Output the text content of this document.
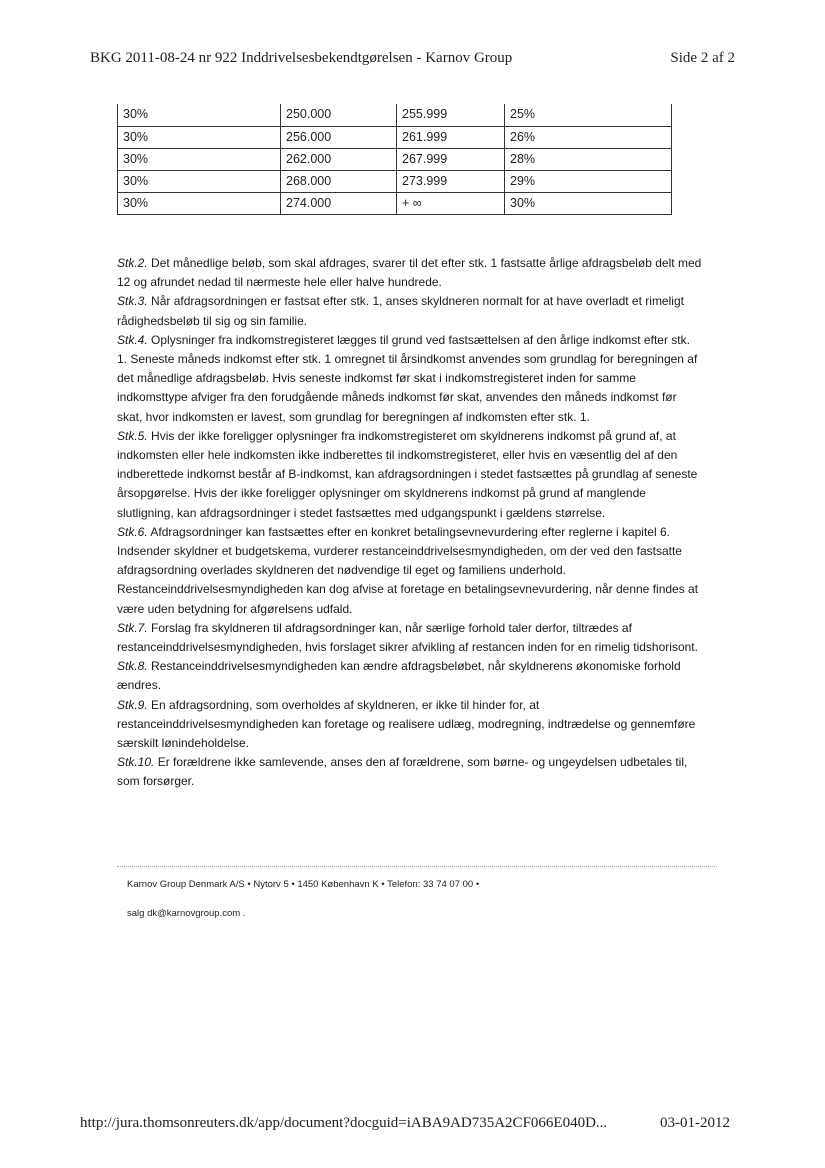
BKG 2011-08-24 nr 922 Inddrivelsesbekendtgørelsen - Karnov Group	Side 2 af 2
30%	250.000	255.999	25%
30%	256.000	261.999	26%
30%	262.000	267.999	28%
30%	268.000	273.999	29%
30%	274.000	+ ∞	30%

Stk.2. Det månedlige beløb, som skal afdrages, svarer til det efter stk. 1 fastsatte årlige afdragsbeløb delt med 12 og afrundet nedad til nærmeste hele eller halve hundrede.

Stk.3. Når afdragsordningen er fastsat efter stk. 1, anses skyldneren normalt for at have overladt et rimeligt rådighedsbeløb til sig og sin familie.

Stk.4. Oplysninger fra indkomstregisteret lægges til grund ved fastsættelsen af den årlige indkomst efter stk. 1. Seneste måneds indkomst efter stk. 1 omregnet til årsindkomst anvendes som grundlag for beregningen af det månedlige afdragsbeløb. Hvis seneste indkomst før skat i indkomstregisteret inden for samme indkomsttype afviger fra den forudgående måneds indkomst før skat, anvendes den måneds indkomst før skat, hvor indkomsten er lavest, som grundlag for beregningen af indkomsten efter stk. 1.

Stk.5. Hvis der ikke foreligger oplysninger fra indkomstregisteret om skyldnerens indkomst på grund af, at indkomsten eller hele indkomsten ikke indberettes til indkomstregisteret, eller hvis en væsentlig del af den indberettede indkomst består af B-indkomst, kan afdragsordningen i stedet fastsættes på grundlag af seneste årsopgørelse. Hvis der ikke foreligger oplysninger om skyldnerens indkomst på grund af manglende slutligning, kan afdragsordninger i stedet fastsættes med udgangspunkt i gældens størrelse.

Stk.6. Afdragsordninger kan fastsættes efter en konkret betalingsevnevurdering efter reglerne i kapitel 6. Indsender skyldner et budgetskema, vurderer restanceinddrivelsesmyndigheden, om der ved den fastsatte afdragsordning overlades skyldneren det nødvendige til eget og familiens underhold. Restanceinddrivelsesmyndigheden kan dog afvise at foretage en betalingsevnevurdering, når denne findes at være uden betydning for afgørelsens udfald.

Stk.7. Forslag fra skyldneren til afdragsordninger kan, når særlige forhold taler derfor, tiltrædes af restanceinddrivelsesmyndigheden, hvis forslaget sikrer afvikling af restancen inden for en rimelig tidshorisont.

Stk.8. Restanceinddrivelsesmyndigheden kan ændre afdragsbeløbet, når skyldnerens økonomiske forhold ændres.

Stk.9. En afdragsordning, som overholdes af skyldneren, er ikke til hinder for, at restanceinddrivelsesmyndigheden kan foretage og realisere udlæg, modregning, indtrædelse og gennemføre særskilt lønindeholdelse.

Stk.10. Er forældrene ikke samlevende, anses den af forældrene, som børne- og ungeydelsen udbetales til, som forsørger.

Karnov Group Denmark A/S • Nytorv 5 • 1450 København K • Telefon: 33 74 07 00 •
salg dk@karnovgroup.com .
http://jura.thomsonreuters.dk/app/document?docguid=iABA9AD735A2CF066E040D...	03-01-2012
